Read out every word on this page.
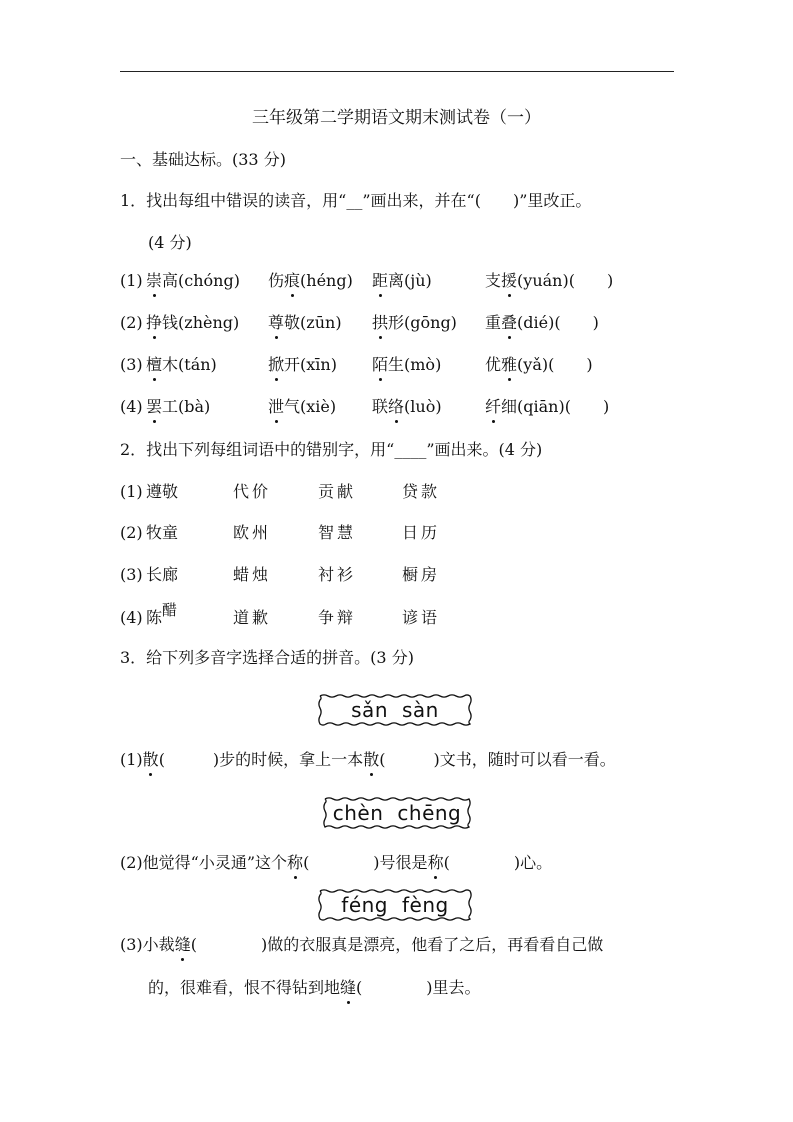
三年级第二学期语文期末测试卷（一）
一、基础达标。(33 分)
1．找出每组中错误的读音，用“__”画出来，并在“(　　)”里改正。
(4 分)
(1) 崇高(chóng) 伤痕(héng) 距离(jù)	支援(yuán)(　　)
(2) 挣钱(zhèng) 尊敬(zūn) 拱形(gōng) 重叠(dié)(　　)
(3) 檀木(tán)	掀开(xīn) 陌生(mò)	优雅(yǎ)(　　)
(4) 罢工(bà)	泄气(xiè) 联络(luò)	纤细(qiān)(　　)
2．找出下列每组词语中的错别字，用“____”画出来。(4 分)
(1) 遵敬	代价	贡献	贷款
(2) 牧童	欧州	智慧	日历
(3) 长廊	蜡烛	衬衫	橱房
(4) 陈醋	道歉	争辩	谚语
3．给下列多音字选择合适的拼音。(3 分)
sǎn sàn
(1)散(　　　)步的时候，拿上一本散(　　　)文书，随时可以看一看。
chèn chēng
(2)他觉得“小灵通”这个称(　　　　)号很是称(　　　　)心。
féng fèng
(3)小裁缝(　　　　)做的衣服真是漂亮，他看了之后，再看看自己做
的，很难看，恨不得钻到地缝(　　　　)里去。
